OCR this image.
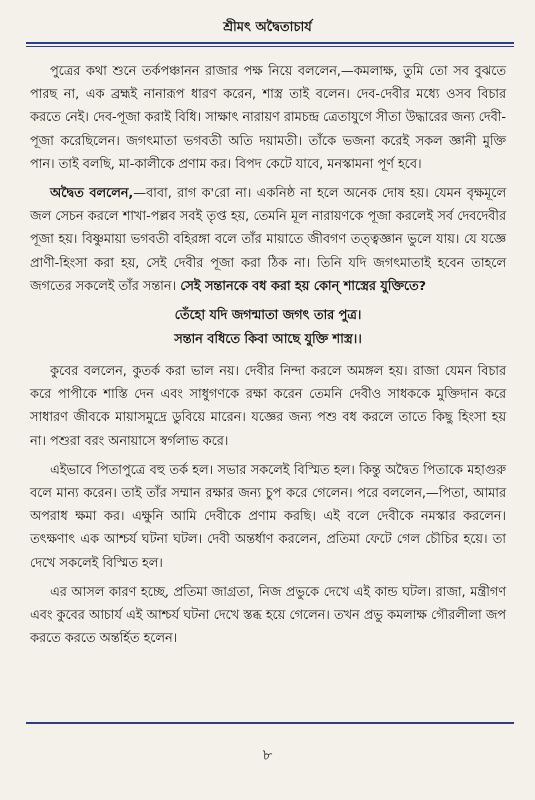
শ্রীমৎ অদ্বৈতাচার্য

পুত্রের কথা শুনে তর্কপঞ্চানন রাজার পক্ষ নিয়ে বললেন,—কমলাক্ষ, তুমি তো সব বুঝতে পারছ না, এক ব্রহ্মই নানারূপ ধারণ করেন, শাস্ত্র তাই বলেন। দেব-দেবীর মধ্যে ওসব বিচার করতে নেই। দেব-পূজা করাই বিধি। সাক্ষাৎ নারায়ণ রামচন্দ্র ত্রেতাযুগে সীতা উদ্ধারের জন্য দেবী-পূজা করেছিলেন। জগৎমাতা ভগবতী অতি দয়ামতী। তাঁকে ভজনা করেই সকল জ্ঞানী মুক্তি পান। তাই বলছি, মা-কালীকে প্রণাম কর। বিপদ কেটে যাবে, মনস্কামনা পূর্ণ হবে।

অদ্বৈত বললেন,—বাবা, রাগ ক'রো না। একনিষ্ঠ না হলে অনেক দোষ হয়। যেমন বৃক্ষমূলে জল সেচন করলে শাখা-পল্লব সবই তৃপ্ত হয়, তেমনি মূল নারায়ণকে পূজা করলেই সর্ব দেবদেবীর পূজা হয়। বিষ্ণুমায়া ভগবতী বহিরঙ্গা বলে তাঁর মায়াতে জীবগণ তত্ত্বজ্ঞান ভুলে যায়। যে যজ্ঞে প্রাণী-হিংসা করা হয়, সেই দেবীর পূজা করা ঠিক না। তিনি যদি জগৎমাতাই হবেন তাহলে জগতের সকলেই তাঁর সন্তান। সেই সন্তানকে বধ করা হয় কোন্ শাস্ত্রের যুক্তিতে?

তেঁহো যদি জগন্মাতা জগৎ তার পুত্র।
সন্তান বধিতে কিবা আছে যুক্তি শাস্ত্র।।

কুবের বললেন, কুতর্ক করা ভাল নয়। দেবীর নিন্দা করলে অমঙ্গল হয়। রাজা যেমন বিচার করে পাপীকে শাস্তি দেন এবং সাধুগণকে রক্ষা করেন তেমনি দেবীও সাধককে মুক্তিদান করে সাধারণ জীবকে মায়াসমুদ্রে ডুবিয়ে মারেন। যজ্ঞের জন্য পশু বধ করলে তাতে কিছু হিংসা হয় না। পশুরা বরং অনায়াসে স্বর্গলাভ করে।

এইভাবে পিতাপুত্রে বহু তর্ক হল। সভার সকলেই বিস্মিত হল। কিন্তু অদ্বৈত পিতাকে মহাগুরু বলে মান্য করেন। তাই তাঁর সম্মান রক্ষার জন্য চুপ করে গেলেন। পরে বললেন,—পিতা, আমার অপরাধ ক্ষমা কর। এক্ষুনি আমি দেবীকে প্রণাম করছি। এই বলে দেবীকে নমস্কার করলেন। তৎক্ষণাৎ এক আশ্চর্য ঘটনা ঘটল। দেবী অন্তর্ধাণ করলেন, প্রতিমা ফেটে গেল চৌচির হয়ে। তা দেখে সকলেই বিস্মিত হল।

এর আসল কারণ হচ্ছে, প্রতিমা জাগ্রতা, নিজ প্রভুকে দেখে এই কান্ড ঘটল। রাজা, মন্ত্রীগণ এবং কুবের আচার্য এই আশ্চর্য ঘটনা দেখে স্তব্ধ হয়ে গেলেন। তখন প্রভু কমলাক্ষ গৌরলীলা জপ করতে করতে অন্তর্হিত হলেন।

৮
